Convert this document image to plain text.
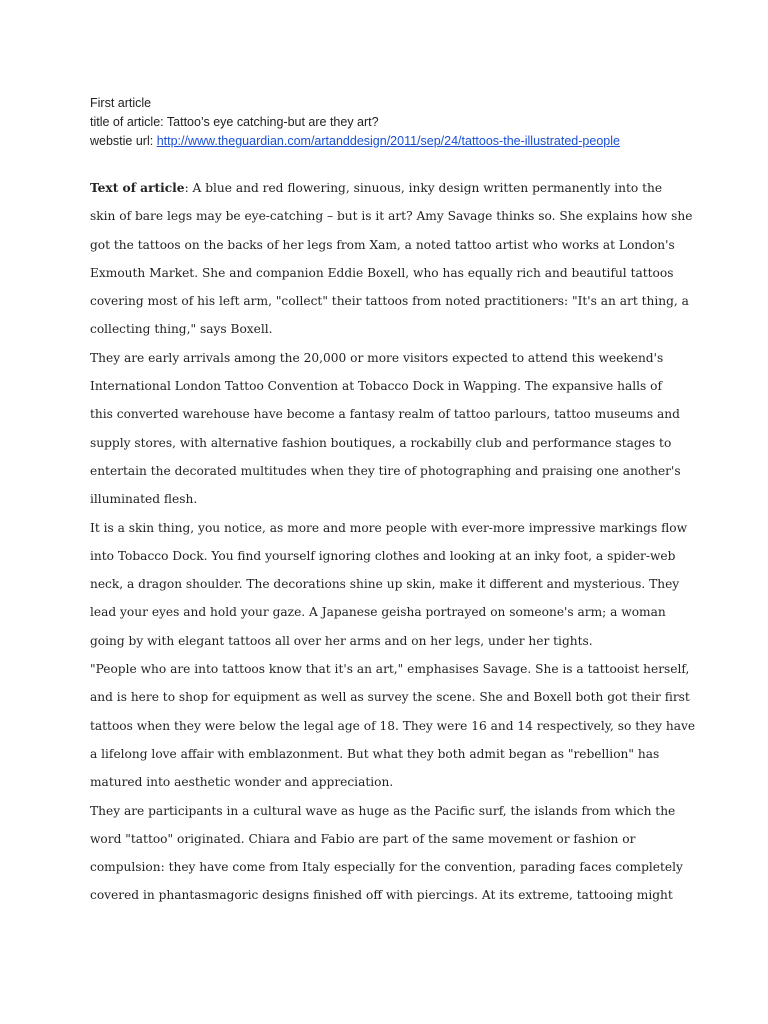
First article
title of article: Tattoo’s eye catching-but are they art?
webstie url: http://www.theguardian.com/artanddesign/2011/sep/24/tattoos-the-illustrated-people

Text of article: A blue and red flowering, sinuous, inky design written permanently into the

skin of bare legs may be eye-catching – but is it art? Amy Savage thinks so. She explains how she

got the tattoos on the backs of her legs from Xam, a noted tattoo artist who works at London's

Exmouth Market. She and companion Eddie Boxell, who has equally rich and beautiful tattoos

covering most of his left arm, "collect" their tattoos from noted practitioners: "It's an art thing, a

collecting thing," says Boxell.

They are early arrivals among the 20,000 or more visitors expected to attend this weekend's

International London Tattoo Convention at Tobacco Dock in Wapping. The expansive halls of

this converted warehouse have become a fantasy realm of tattoo parlours, tattoo museums and

supply stores, with alternative fashion boutiques, a rockabilly club and performance stages to

entertain the decorated multitudes when they tire of photographing and praising one another's

illuminated flesh.

It is a skin thing, you notice, as more and more people with ever-more impressive markings flow

into Tobacco Dock. You find yourself ignoring clothes and looking at an inky foot, a spider-web

neck, a dragon shoulder. The decorations shine up skin, make it different and mysterious. They

lead your eyes and hold your gaze. A Japanese geisha portrayed on someone's arm; a woman

going by with elegant tattoos all over her arms and on her legs, under her tights.

"People who are into tattoos know that it's an art," emphasises Savage. She is a tattooist herself,

and is here to shop for equipment as well as survey the scene. She and Boxell both got their first

tattoos when they were below the legal age of 18. They were 16 and 14 respectively, so they have

a lifelong love affair with emblazonment. But what they both admit began as "rebellion" has

matured into aesthetic wonder and appreciation.

They are participants in a cultural wave as huge as the Pacific surf, the islands from which the

word "tattoo" originated. Chiara and Fabio are part of the same movement or fashion or

compulsion: they have come from Italy especially for the convention, parading faces completely

covered in phantasmagoric designs finished off with piercings. At its extreme, tattooing might
